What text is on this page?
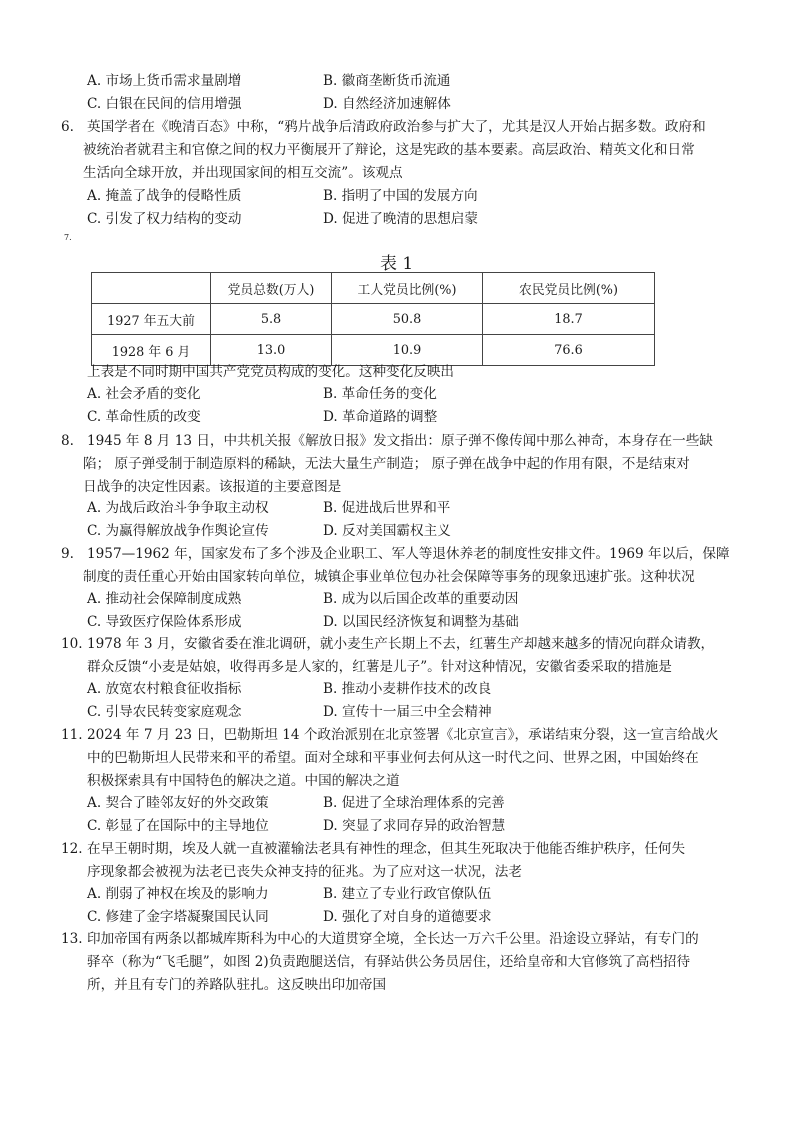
A. 市场上货币需求量剧增	B. 徽商垄断货币流通
C. 白银在民间的信用增强	D. 自然经济加速解体
6. 英国学者在《晚清百态》中称，“鸦片战争后清政府政治参与扩大了，尤其是汉人开始占据多数。政府和
被统治者就君主和官僚之间的权力平衡展开了辩论，这是宪政的基本要素。高层政治、精英文化和日常
生活向全球开放，并出现国家间的相互交流”。该观点
A. 掩盖了战争的侵略性质	B. 指明了中国的发展方向
C. 引发了权力结构的变动	D. 促进了晚清的思想启蒙
7.
表 1
	党员总数(万人)	工人党员比例(%)	农民党员比例(%)
1927 年五大前	5.8	50.8	18.7
1928 年 6 月	13.0	10.9	76.6
上表是不同时期中国共产党党员构成的变化。这种变化反映出
A. 社会矛盾的变化	B. 革命任务的变化
C. 革命性质的改变	D. 革命道路的调整
8. 1945 年 8 月 13 日，中共机关报《解放日报》发文指出：原子弹不像传闻中那么神奇，本身存在一些缺
陷； 原子弹受制于制造原料的稀缺，无法大量生产制造； 原子弹在战争中起的作用有限，不是结束对
日战争的决定性因素。该报道的主要意图是
A. 为战后政治斗争争取主动权	B. 促进战后世界和平
C. 为赢得解放战争作舆论宣传	D. 反对美国霸权主义
9. 1957—1962 年，国家发布了多个涉及企业职工、军人等退休养老的制度性安排文件。1969 年以后，保障
制度的责任重心开始由国家转向单位，城镇企事业单位包办社会保障等事务的现象迅速扩张。这种状况
A. 推动社会保障制度成熟	B. 成为以后国企改革的重要动因
C. 导致医疗保险体系形成	D. 以国民经济恢复和调整为基础
10. 1978 年 3 月，安徽省委在淮北调研，就小麦生产长期上不去，红薯生产却越来越多的情况向群众请教，
群众反馈“小麦是姑娘，收得再多是人家的，红薯是儿子”。针对这种情况，安徽省委采取的措施是
A. 放宽农村粮食征收指标	B. 推动小麦耕作技术的改良
C. 引导农民转变家庭观念	D. 宣传十一届三中全会精神
11. 2024 年 7 月 23 日，巴勒斯坦 14 个政治派别在北京签署《北京宣言》，承诺结束分裂，这一宣言给战火
中的巴勒斯坦人民带来和平的希望。面对全球和平事业何去何从这一时代之问、世界之困，中国始终在
积极探索具有中国特色的解决之道。中国的解决之道
A. 契合了睦邻友好的外交政策	B. 促进了全球治理体系的完善
C. 彰显了在国际中的主导地位	D. 突显了求同存异的政治智慧
12. 在早王朝时期，埃及人就一直被灌输法老具有神性的理念，但其生死取决于他能否维护秩序，任何失
序现象都会被视为法老已丧失众神支持的征兆。为了应对这一状况，法老
A. 削弱了神权在埃及的影响力	B. 建立了专业行政官僚队伍
C. 修建了金字塔凝聚国民认同	D. 强化了对自身的道德要求
13. 印加帝国有两条以都城库斯科为中心的大道贯穿全境，全长达一万六千公里。沿途设立驿站，有专门的
驿卒（称为“飞毛腿”，如图 2)负责跑腿送信，有驿站供公务员居住，还给皇帝和大官修筑了高档招待
所，并且有专门的养路队驻扎。这反映出印加帝国
